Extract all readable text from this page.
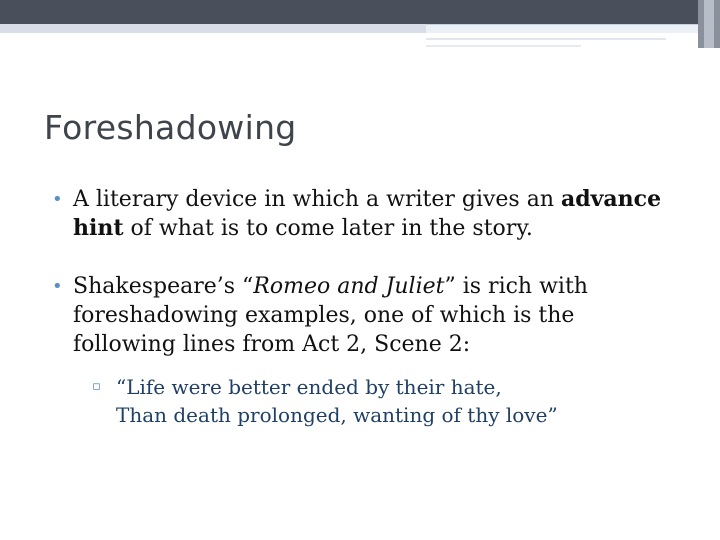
Foreshadowing
• A literary device in which a writer gives an advance hint of what is to come later in the story.
• Shakespeare’s “Romeo and Juliet” is rich with foreshadowing examples, one of which is the following lines from Act 2, Scene 2:
▫ “Life were better ended by their hate,
Than death prolonged, wanting of thy love”
